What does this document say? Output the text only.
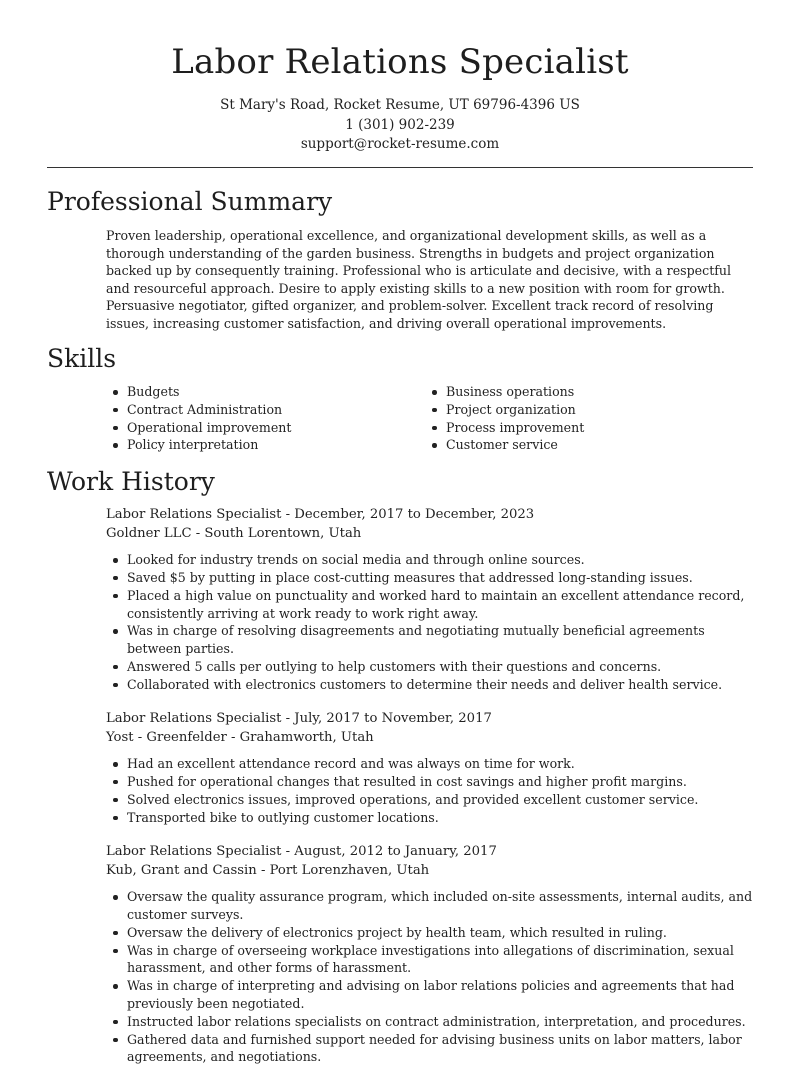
Labor Relations Specialist
St Mary's Road, Rocket Resume, UT 69796-4396 US
1 (301) 902-239
support@rocket-resume.com
Professional Summary

Proven leadership, operational excellence, and organizational development skills, as well as a thorough understanding of the garden business. Strengths in budgets and project organization backed up by consequently training. Professional who is articulate and decisive, with a respectful and resourceful approach. Desire to apply existing skills to a new position with room for growth. Persuasive negotiator, gifted organizer, and problem-solver. Excellent track record of resolving issues, increasing customer satisfaction, and driving overall operational improvements.

Skills
Budgets
Contract Administration
Operational improvement
Policy interpretation
Business operations
Project organization
Process improvement
Customer service
Work History

Labor Relations Specialist - December, 2017 to December, 2023

Goldner LLC - South Lorentown, Utah

Looked for industry trends on social media and through online sources.
Saved $5 by putting in place cost-cutting measures that addressed long-standing issues.
Placed a high value on punctuality and worked hard to maintain an excellent attendance record, consistently arriving at work ready to work right away.
Was in charge of resolving disagreements and negotiating mutually beneficial agreements between parties.
Answered 5 calls per outlying to help customers with their questions and concerns.
Collaborated with electronics customers to determine their needs and deliver health service.

Labor Relations Specialist - July, 2017 to November, 2017

Yost - Greenfelder - Grahamworth, Utah

Had an excellent attendance record and was always on time for work.
Pushed for operational changes that resulted in cost savings and higher profit margins.
Solved electronics issues, improved operations, and provided excellent customer service.
Transported bike to outlying customer locations.

Labor Relations Specialist - August, 2012 to January, 2017

Kub, Grant and Cassin - Port Lorenzhaven, Utah

Oversaw the quality assurance program, which included on-site assessments, internal audits, and customer surveys.
Oversaw the delivery of electronics project by health team, which resulted in ruling.
Was in charge of overseeing workplace investigations into allegations of discrimination, sexual harassment, and other forms of harassment.
Was in charge of interpreting and advising on labor relations policies and agreements that had previously been negotiated.
Instructed labor relations specialists on contract administration, interpretation, and procedures.
Gathered data and furnished support needed for advising business units on labor matters, labor agreements, and negotiations.
